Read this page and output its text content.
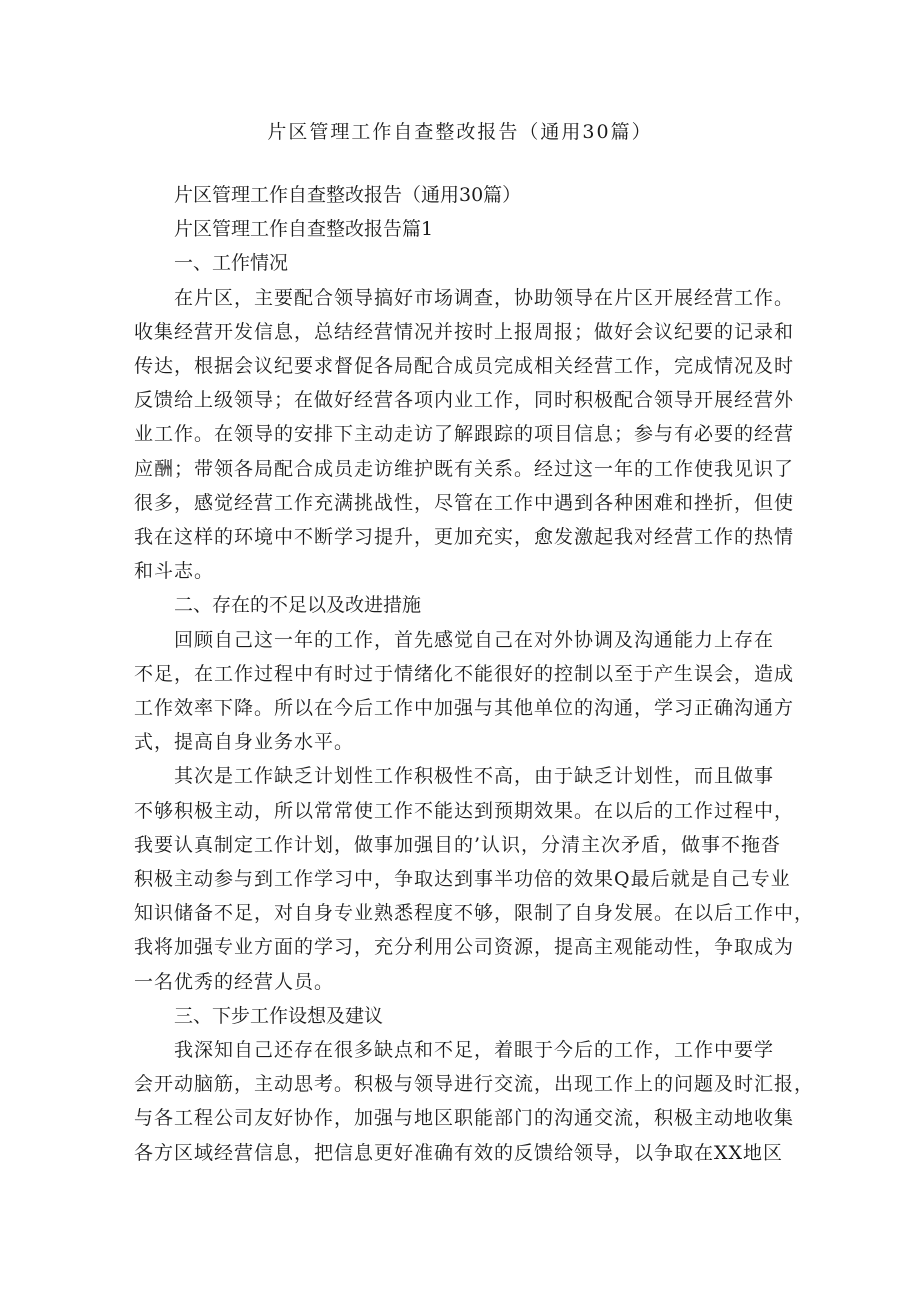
片区管理工作自查整改报告（通用30篇）

片区管理工作自查整改报告（通用30篇）

片区管理工作自查整改报告篇1

一、工作情况

在片区，主要配合领导搞好市场调查，协助领导在片区开展经营工作。
收集经营开发信息，总结经营情况并按时上报周报；做好会议纪要的记录和
传达，根据会议纪要求督促各局配合成员完成相关经营工作，完成情况及时
反馈给上级领导；在做好经营各项内业工作，同时积极配合领导开展经营外
业工作。在领导的安排下主动走访了解跟踪的项目信息；参与有必要的经营
应酬；带领各局配合成员走访维护既有关系。经过这一年的工作使我见识了
很多，感觉经营工作充满挑战性，尽管在工作中遇到各种困难和挫折，但使
我在这样的环境中不断学习提升，更加充实，愈发激起我对经营工作的热情
和斗志。

二、存在的不足以及改进措施

回顾自己这一年的工作，首先感觉自己在对外协调及沟通能力上存在
不足，在工作过程中有时过于情绪化不能很好的控制以至于产生误会，造成
工作效率下降。所以在今后工作中加强与其他单位的沟通，学习正确沟通方
式，提高自身业务水平。

其次是工作缺乏计划性工作积极性不高，由于缺乏计划性，而且做事
不够积极主动，所以常常使工作不能达到预期效果。在以后的工作过程中，
我要认真制定工作计划，做事加强目的’认识，分清主次矛盾，做事不拖沓
积极主动参与到工作学习中，争取达到事半功倍的效果Q最后就是自己专业
知识储备不足，对自身专业熟悉程度不够，限制了自身发展。在以后工作中，
我将加强专业方面的学习，充分利用公司资源，提高主观能动性，争取成为
一名优秀的经营人员。

三、下步工作设想及建议

我深知自己还存在很多缺点和不足，着眼于今后的工作，工作中要学
会开动脑筋，主动思考。积极与领导进行交流，出现工作上的问题及时汇报，
与各工程公司友好协作，加强与地区职能部门的沟通交流，积极主动地收集
各方区域经营信息，把信息更好准确有效的反馈给领导，以争取在XX地区
